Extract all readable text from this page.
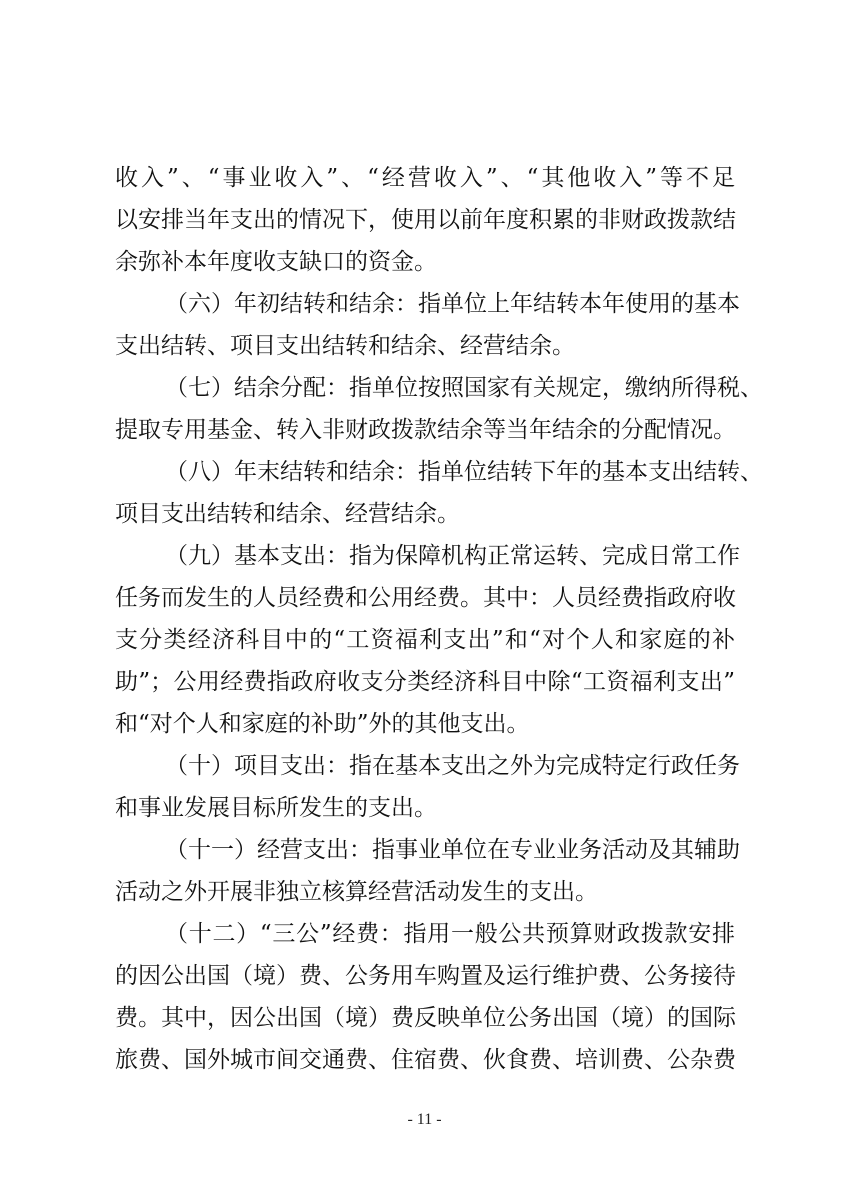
收入”、“事业收入”、“经营收入”、“其他收入”等不足
以安排当年支出的情况下，使用以前年度积累的非财政拨款结
余弥补本年度收支缺口的资金。
（六）年初结转和结余：指单位上年结转本年使用的基本
支出结转、项目支出结转和结余、经营结余。
（七）结余分配：指单位按照国家有关规定，缴纳所得税、
提取专用基金、转入非财政拨款结余等当年结余的分配情况。
（八）年末结转和结余：指单位结转下年的基本支出结转、
项目支出结转和结余、经营结余。
（九）基本支出：指为保障机构正常运转、完成日常工作
任务而发生的人员经费和公用经费。其中：人员经费指政府收
支分类经济科目中的“工资福利支出”和“对个人和家庭的补
助”；公用经费指政府收支分类经济科目中除“工资福利支出”
和“对个人和家庭的补助”外的其他支出。
（十）项目支出：指在基本支出之外为完成特定行政任务
和事业发展目标所发生的支出。
（十一）经营支出：指事业单位在专业业务活动及其辅助
活动之外开展非独立核算经营活动发生的支出。
（十二）“三公”经费：指用一般公共预算财政拨款安排
的因公出国（境）费、公务用车购置及运行维护费、公务接待
费。其中，因公出国（境）费反映单位公务出国（境）的国际
旅费、国外城市间交通费、住宿费、伙食费、培训费、公杂费
- 11 -
